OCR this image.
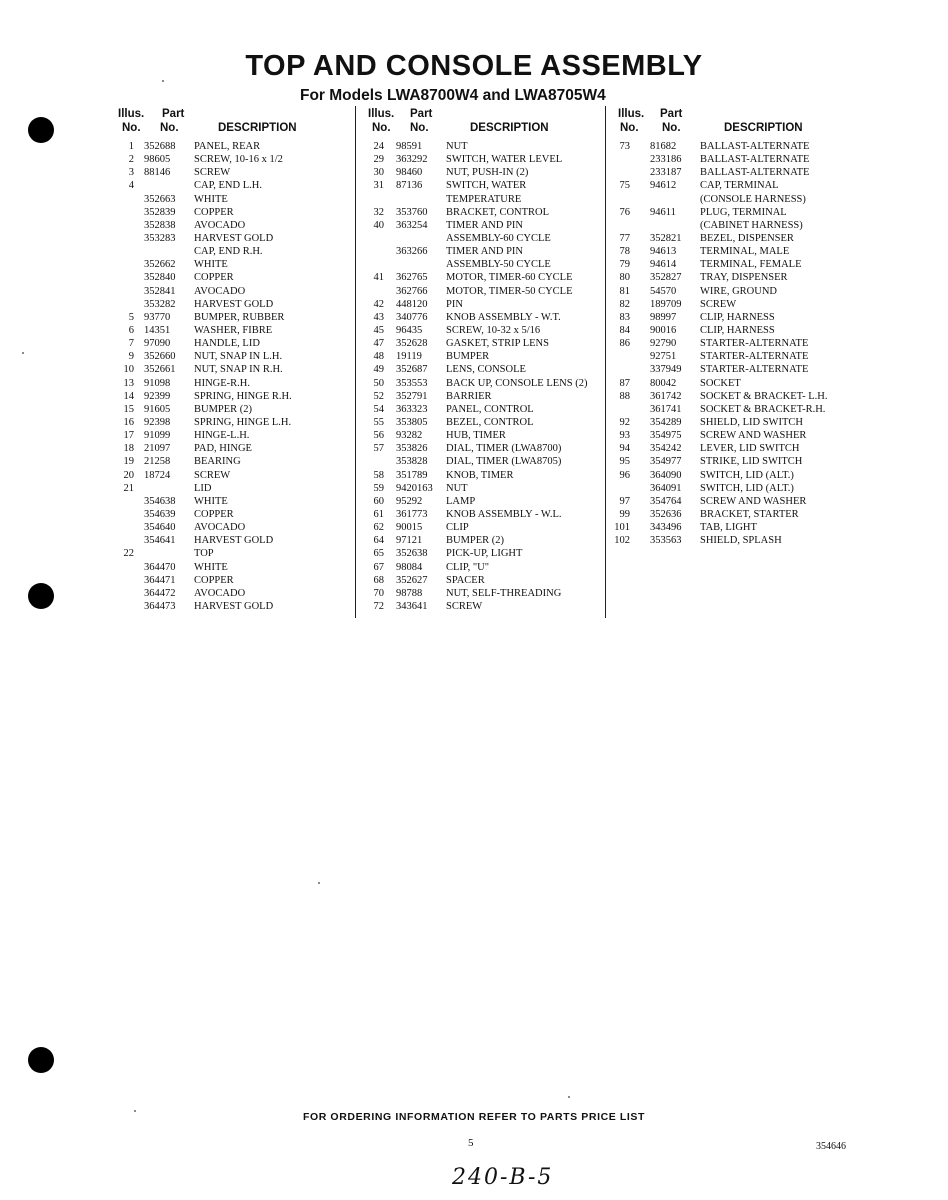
TOP AND CONSOLE ASSEMBLY
For Models LWA8700W4 and LWA8705W4
Illus. Part
No. No.	DESCRIPTION
1 352688 PANEL, REAR
2 98605 SCREW, 10-16 x 1/2
3 88146 SCREW
4	CAP, END L.H.
352663 WHITE
352839 COPPER
352838 AVOCADO
353283 HARVEST GOLD
CAP, END R.H.
352662 WHITE
352840 COPPER
352841 AVOCADO
353282 HARVEST GOLD
5 93770 BUMPER, RUBBER
6 14351 WASHER, FIBRE
7 97090 HANDLE, LID
9 352660 NUT, SNAP IN L.H.
10 352661 NUT, SNAP IN R.H.
13 91098 HINGE-R.H.
14 92399 SPRING, HINGE R.H.
15 91605 BUMPER (2)
16 92398 SPRING, HINGE L.H.
17 91099 HINGE-L.H.
18 21097 PAD, HINGE
19 21258 BEARING
20 18724 SCREW
21	LID
354638 WHITE
354639 COPPER
354640 AVOCADO
354641 HARVEST GOLD
22	TOP
364470 WHITE
364471 COPPER
364472 AVOCADO
364473 HARVEST GOLD
Illus. Part
No. No.	DESCRIPTION
24 98591 NUT
29 363292 SWITCH, WATER LEVEL
30 98460 NUT, PUSH-IN (2)
31 87136 SWITCH, WATER
TEMPERATURE
32 353760 BRACKET, CONTROL
40 363254 TIMER AND PIN
ASSEMBLY-60 CYCLE
363266 TIMER AND PIN
ASSEMBLY-50 CYCLE
41 362765 MOTOR, TIMER-60 CYCLE
362766 MOTOR, TIMER-50 CYCLE
42 448120 PIN
43 340776 KNOB ASSEMBLY - W.T.
45 96435 SCREW, 10-32 x 5/16
47 352628 GASKET, STRIP LENS
48 19119 BUMPER
49 352687 LENS, CONSOLE
50 353553 BACK UP, CONSOLE LENS (2)
52 352791 BARRIER
54 363323 PANEL, CONTROL
55 353805 BEZEL, CONTROL
56 93282 HUB, TIMER
57 353826 DIAL, TIMER (LWA8700)
353828 DIAL, TIMER (LWA8705)
58 351789 KNOB, TIMER
59 9420163 NUT
60 95292 LAMP
61 361773 KNOB ASSEMBLY - W.L.
62 90015 CLIP
64 97121 BUMPER (2)
65 352638 PICK-UP, LIGHT
67 98084 CLIP, "U"
68 352627 SPACER
70 98788 NUT, SELF-THREADING
72 343641 SCREW
Illus. Part
No. No.	DESCRIPTION
73 81682 BALLAST-ALTERNATE
233186 BALLAST-ALTERNATE
233187 BALLAST-ALTERNATE
75 94612 CAP, TERMINAL
(CONSOLE HARNESS)
76 94611 PLUG, TERMINAL
(CABINET HARNESS)
77 352821 BEZEL, DISPENSER
78 94613 TERMINAL, MALE
79 94614 TERMINAL, FEMALE
80 352827 TRAY, DISPENSER
81 54570 WIRE, GROUND
82 189709 SCREW
83 98997 CLIP, HARNESS
84 90016 CLIP, HARNESS
86 92790 STARTER-ALTERNATE
92751 STARTER-ALTERNATE
337949 STARTER-ALTERNATE
87 80042 SOCKET
88 361742 SOCKET & BRACKET- L.H.
361741 SOCKET & BRACKET-R.H.
92 354289 SHIELD, LID SWITCH
93 354975 SCREW AND WASHER
94 354242 LEVER, LID SWITCH
95 354977 STRIKE, LID SWITCH
96 364090 SWITCH, LID (ALT.)
364091 SWITCH, LID (ALT.)
97 354764 SCREW AND WASHER
99 352636 BRACKET, STARTER
101 343496 TAB, LIGHT
102 353563 SHIELD, SPLASH
FOR ORDERING INFORMATION REFER TO PARTS PRICE LIST
5	354646
240-B-5
